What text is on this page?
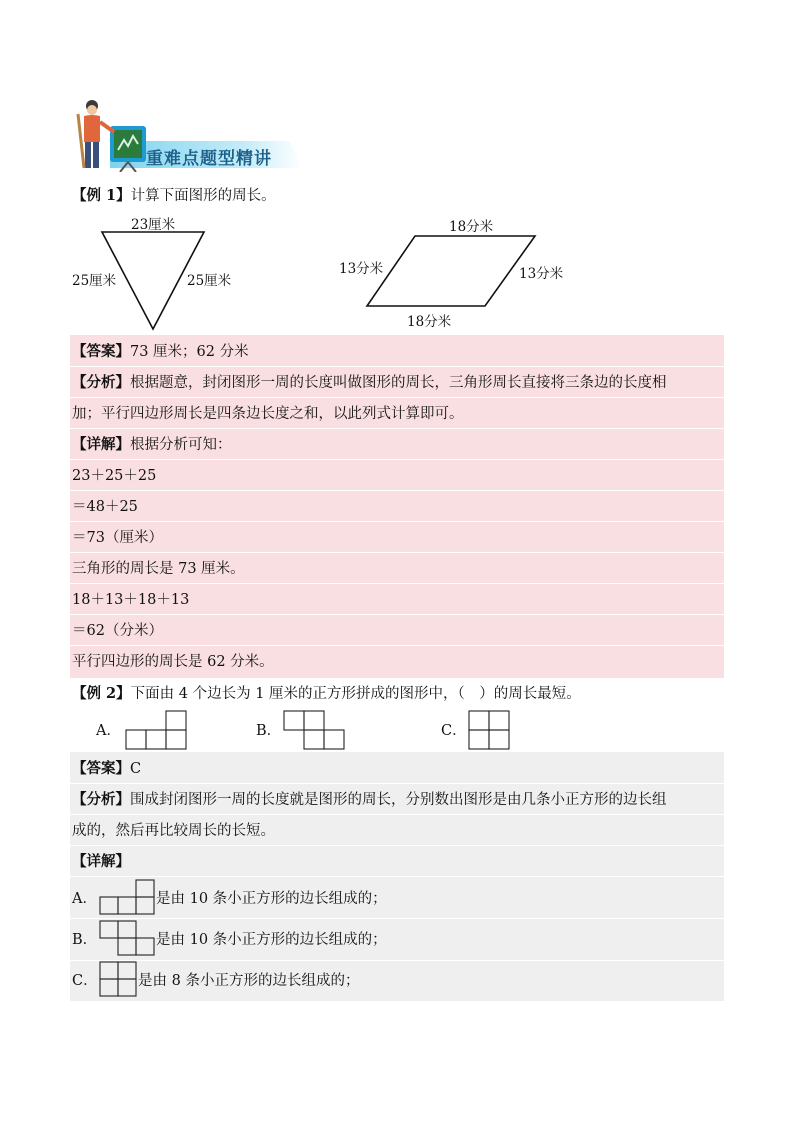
重难点题型精讲
【例 1】计算下面图形的周长。
23厘米
25厘米	25厘米
18分米
13分米	13分米
18分米
【答案】73 厘米；62 分米
【分析】根据题意，封闭图形一周的长度叫做图形的周长，三角形周长直接将三条边的长度相
加；平行四边形周长是四条边长度之和，以此列式计算即可。
【详解】根据分析可知：
23＋25＋25
＝48＋25
＝73（厘米）
三角形的周长是 73 厘米。
18＋13＋18＋13
＝62（分米）
平行四边形的周长是 62 分米。
【例 2】下面由 4 个边长为 1 厘米的正方形拼成的图形中，（　）的周长最短。
A．	B．	C．
【答案】C
【分析】围成封闭图形一周的长度就是图形的周长，分别数出图形是由几条小正方形的边长组
成的，然后再比较周长的长短。
【详解】
A．	是由 10 条小正方形的边长组成的；
B．	是由 10 条小正方形的边长组成的；
C．	是由 8 条小正方形的边长组成的；
